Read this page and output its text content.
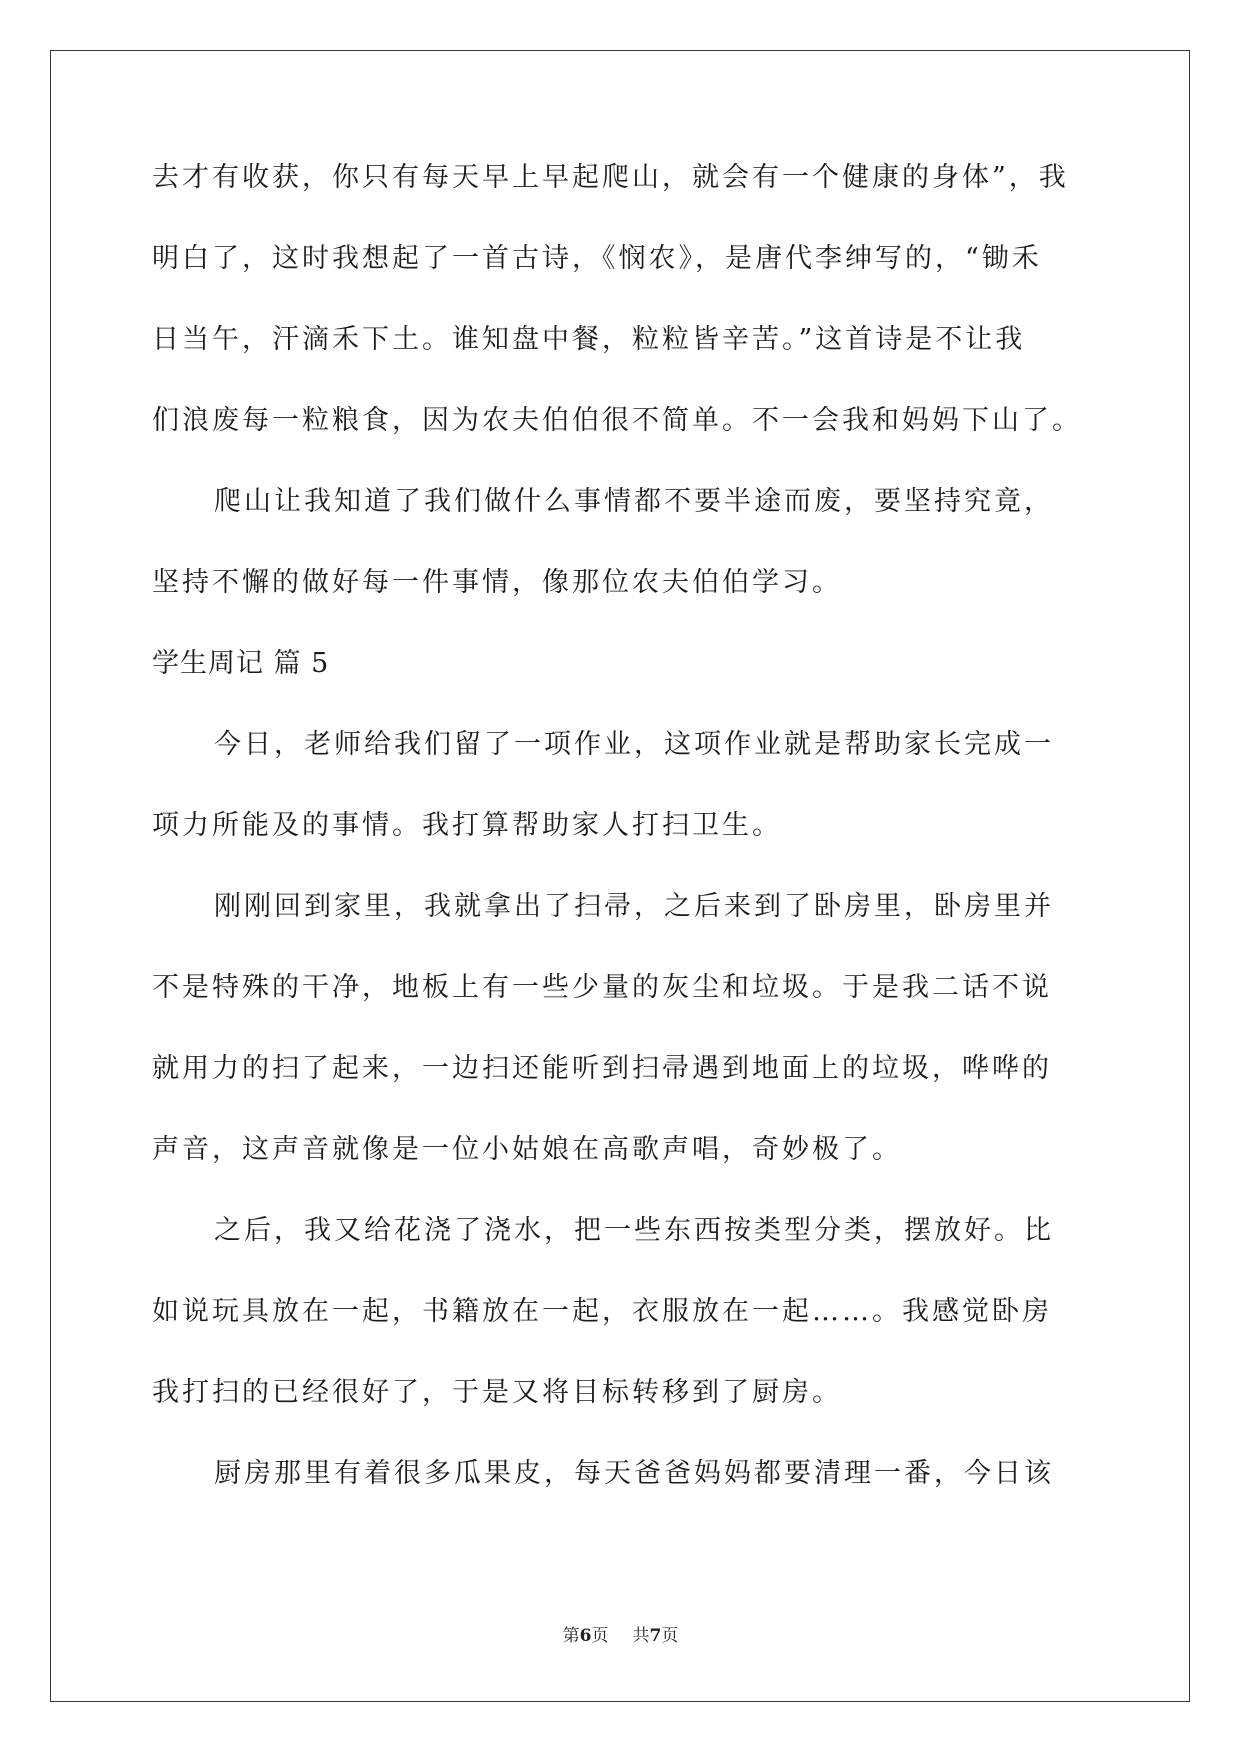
去才有收获，你只有每天早上早起爬山，就会有一个健康的身体”，我
明白了，这时我想起了一首古诗，《悯农》，是唐代李绅写的，“锄禾
日当午，汗滴禾下土。谁知盘中餐，粒粒皆辛苦。”这首诗是不让我
们浪废每一粒粮食，因为农夫伯伯很不简单。不一会我和妈妈下山了。
爬山让我知道了我们做什么事情都不要半途而废，要坚持究竟，
坚持不懈的做好每一件事情，像那位农夫伯伯学习。
学生周记 篇 5
今日，老师给我们留了一项作业，这项作业就是帮助家长完成一
项力所能及的事情。我打算帮助家人打扫卫生。
刚刚回到家里，我就拿出了扫帚，之后来到了卧房里，卧房里并
不是特殊的干净，地板上有一些少量的灰尘和垃圾。于是我二话不说
就用力的扫了起来，一边扫还能听到扫帚遇到地面上的垃圾，哗哗的
声音，这声音就像是一位小姑娘在高歌声唱，奇妙极了。
之后，我又给花浇了浇水，把一些东西按类型分类，摆放好。比
如说玩具放在一起，书籍放在一起，衣服放在一起……。我感觉卧房
我打扫的已经很好了，于是又将目标转移到了厨房。
厨房那里有着很多瓜果皮，每天爸爸妈妈都要清理一番，今日该
第6页 共7页
